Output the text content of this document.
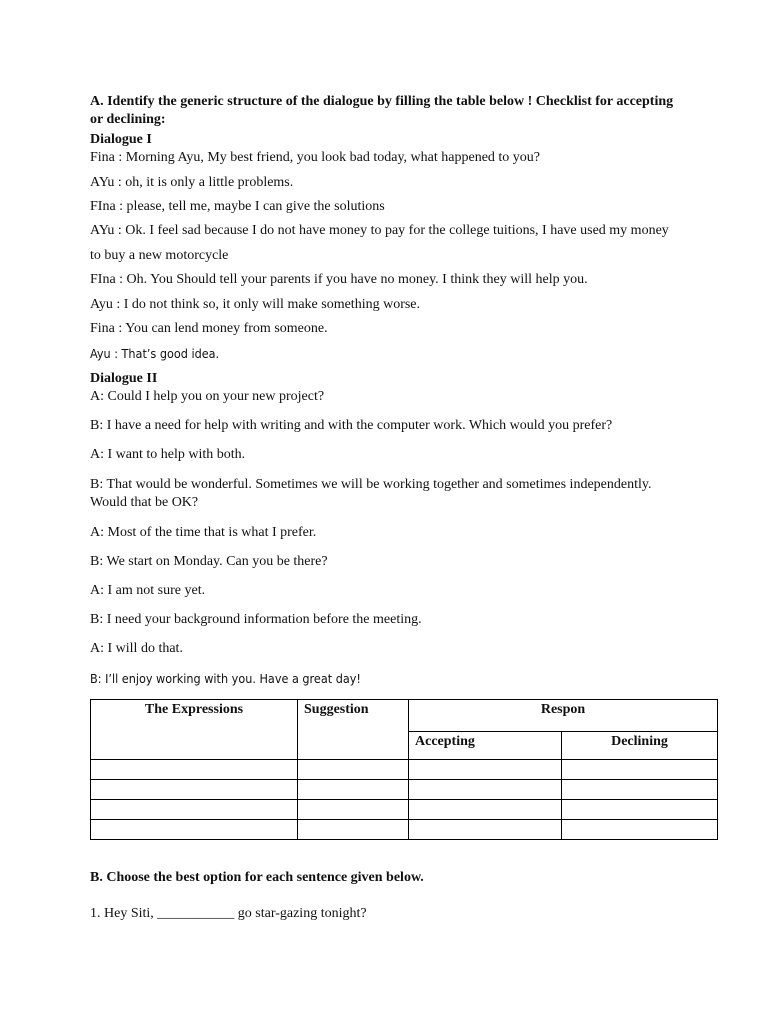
A. Identify the generic structure of the dialogue by filling the table below ! Checklist for accepting
or declining:
Dialogue I
Fina : Morning Ayu, My best friend, you look bad today, what happened to you?
AYu : oh, it is only a little problems.
FIna : please, tell me, maybe I can give the solutions
AYu : Ok. I feel sad because I do not have money to pay for the college tuitions, I have used my money
to buy a new motorcycle
FIna : Oh. You Should tell your parents if you have no money. I think they will help you.
Ayu : I do not think so, it only will make something worse.
Fina : You can lend money from someone.
Ayu : That’s good idea.
Dialogue II
A: Could I help you on your new project?
B: I have a need for help with writing and with the computer work. Which would you prefer?
A: I want to help with both.
B: That would be wonderful. Sometimes we will be working together and sometimes independently. Would that be OK?
A: Most of the time that is what I prefer.
B: We start on Monday. Can you be there?
A: I am not sure yet.
B: I need your background information before the meeting.
A: I will do that.
B: I’ll enjoy working with you. Have a great day!
The Expressions	Suggestion	Respon	
		Accepting	Declining

B. Choose the best option for each sentence given below.
1. Hey Siti, ___________ go star-gazing tonight?
